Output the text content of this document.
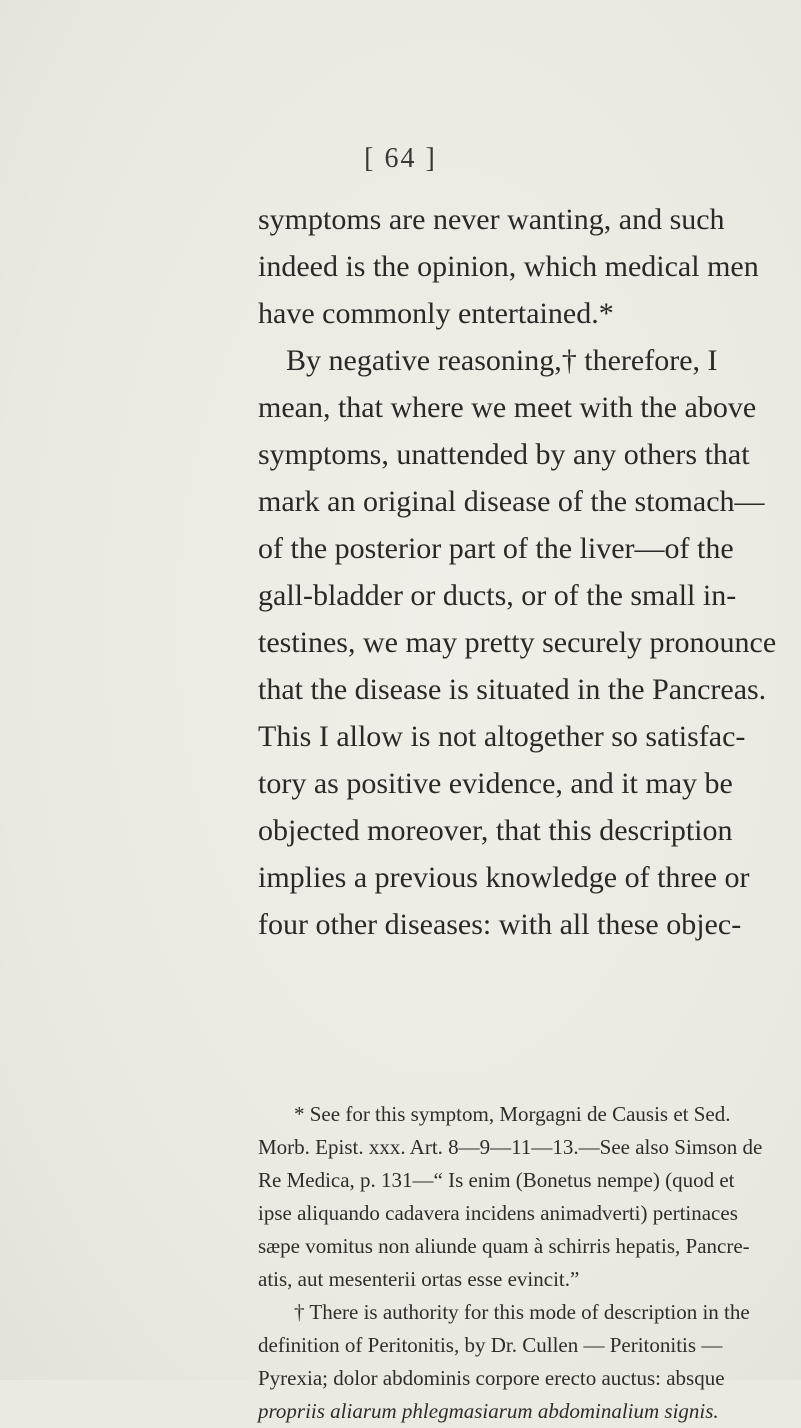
[ 64 ]
symptoms are never wanting, and such
indeed is the opinion, which medical men
have commonly entertained.*
By negative reasoning,† therefore, I
mean, that where we meet with the above
symptoms, unattended by any others that
mark an original disease of the stomach—
of the posterior part of the liver—of the
gall-bladder or ducts, or of the small in-
testines, we may pretty securely pronounce
that the disease is situated in the Pancreas.
This I allow is not altogether so satisfac-
tory as positive evidence, and it may be
objected moreover, that this description
implies a previous knowledge of three or
four other diseases: with all these objec-
* See for this symptom, Morgagni de Causis et Sed.
Morb. Epist. xxx. Art. 8—9—11—13.—See also Simson de
Re Medica, p. 131—“ Is enim (Bonetus nempe) (quod et
ipse aliquando cadavera incidens animadverti) pertinaces
sæpe vomitus non aliunde quam à schirris hepatis, Pancre-
atis, aut mesenterii ortas esse evincit.”
† There is authority for this mode of description in the
definition of Peritonitis, by Dr. Cullen — Peritonitis —
Pyrexia; dolor abdominis corpore erecto auctus: absque
propriis aliarum phlegmasiarum abdominalium signis.
